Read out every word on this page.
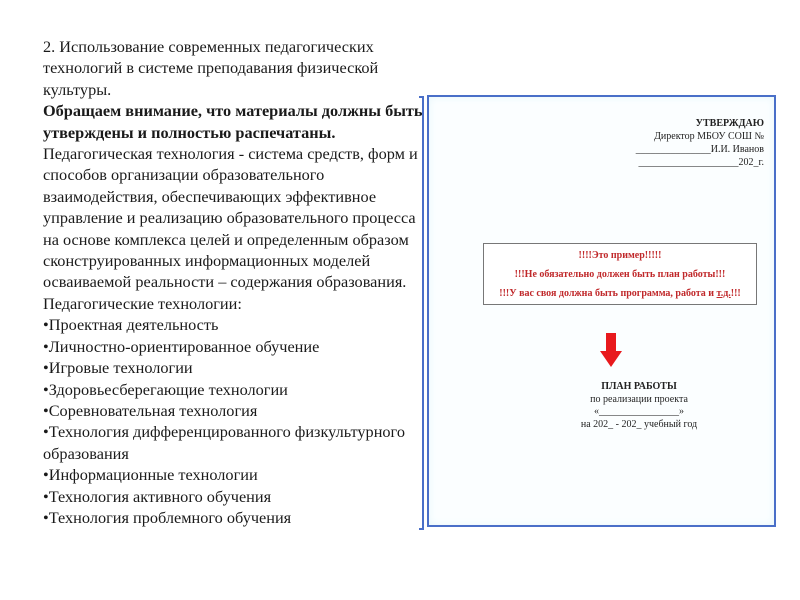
2. Использование современных педагогических технологий в системе преподавания физической культуры.

Обращаем внимание, что материалы должны быть утверждены и полностью распечатаны.

Педагогическая технология - система средств, форм и способов организации образовательного взаимодействия, обеспечивающих эффективное управление и реализацию образовательного процесса на основе комплекса целей и определенным образом сконструированных информационных моделей осваиваемой реальности – содержания образования.

Педагогические технологии:

•Проектная деятельность
•Личностно-ориентированное обучение
•Игровые технологии
•Здоровьесберегающие технологии
•Соревновательная технология
•Технология дифференцированного физкультурного образования
•Информационные технологии
•Технология активного обучения
•Технология проблемного обучения
УТВЕРЖДАЮ
Директор МБОУ СОШ №
_______________И.И. Иванов
____________________202_г.
!!!!Это пример!!!!!
!!!Не обязательно должен быть план работы!!!
!!!У вас своя должна быть программа, работа и т.д.!!!
ПЛАН РАБОТЫ
по реализации проекта
«________________»
на 202_ - 202_ учебный год
